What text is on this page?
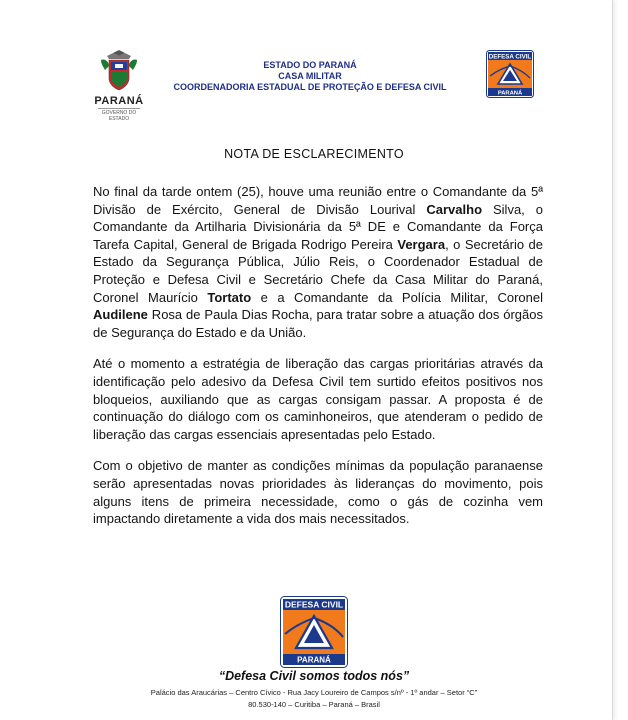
PARANÁ
GOVERNO DO ESTADO
ESTADO DO PARANÁ
CASA MILITAR
COORDENADORIA ESTADUAL DE PROTEÇÃO E DEFESA CIVIL
DEFESA CIVIL
PARANÁ
NOTA DE ESCLARECIMENTO

No final da tarde ontem (25), houve uma reunião entre o Comandante da 5ª Divisão de Exército, General de Divisão Lourival Carvalho Silva, o Comandante da Artilharia Divisionária da 5ª DE e Comandante da Força Tarefa Capital, General de Brigada Rodrigo Pereira Vergara, o Secretário de Estado da Segurança Pública, Júlio Reis, o Coordenador Estadual de Proteção e Defesa Civil e Secretário Chefe da Casa Militar do Paraná, Coronel Maurício Tortato e a Comandante da Polícia Militar, Coronel Audilene Rosa de Paula Dias Rocha, para tratar sobre a atuação dos órgãos de Segurança do Estado e da União.

Até o momento a estratégia de liberação das cargas prioritárias através da identificação pelo adesivo da Defesa Civil tem surtido efeitos positivos nos bloqueios, auxiliando que as cargas consigam passar. A proposta é de continuação do diálogo com os caminhoneiros, que atenderam o pedido de liberação das cargas essenciais apresentadas pelo Estado.

Com o objetivo de manter as condições mínimas da população paranaense serão apresentadas novas prioridades às lideranças do movimento, pois alguns itens de primeira necessidade, como o gás de cozinha vem impactando diretamente a vida dos mais necessitados.

DEFESA CIVIL
PARANÁ
“Defesa Civil somos todos nós”
Palácio das Araucárias – Centro Cívico - Rua Jacy Loureiro de Campos s/nº - 1º andar – Setor “C”
80.530-140 – Curitiba – Paraná – Brasil
